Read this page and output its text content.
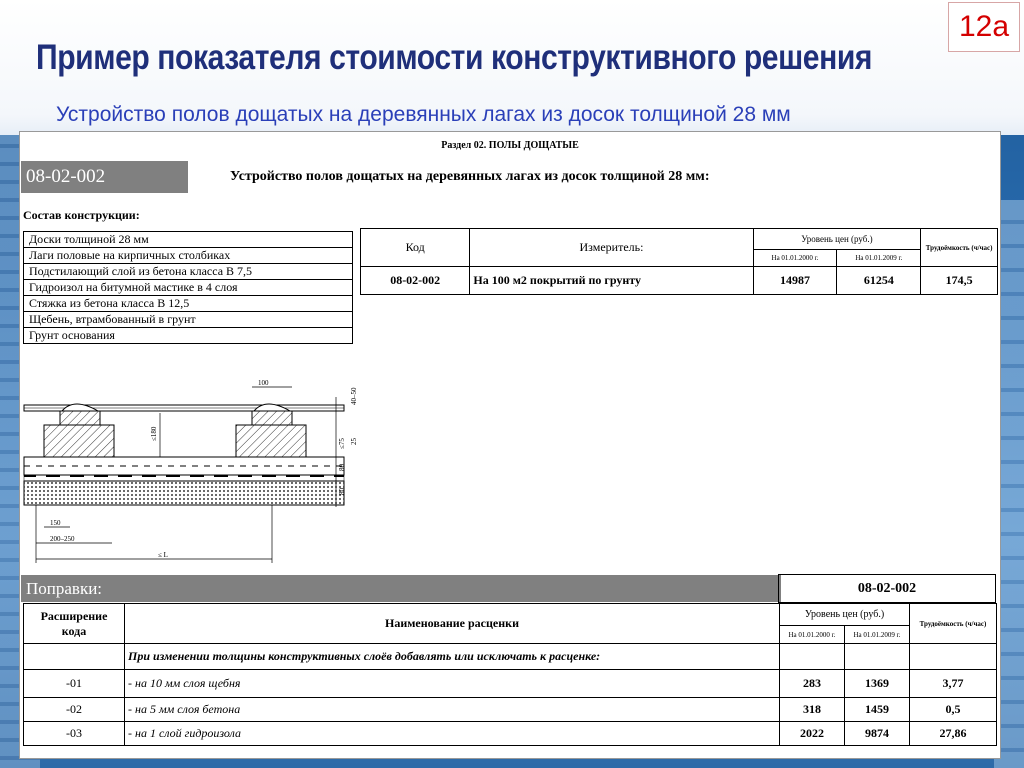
12a
Пример показателя стоимости конструктивного решения
Устройство полов дощатых на деревянных лагах из досок толщиной 28 мм
Раздел 02. ПОЛЫ ДОЩАТЫЕ
08-02-002	Устройство полов дощатых на деревянных лагах из досок толщиной 28 мм:
Состав конструкции:
Доски толщиной 28 мм
Лаги половые на кирпичных столбиках
Подстилающий слой из бетона класса В 7,5
Гидроизол на битумной мастике в 4 слоя
Стяжка из бетона класса В 12,5
Щебень, втрамбованный в грунт
Грунт основания
Код	Измеритель:	Уровень цен (руб.)		Трудоёмкость (ч/час)
		На 01.01.2000 г.	На 01.01.2009 г.	
08-02-002	На 100 м2 покрытий по грунту	14987	61254	174,5
100
40–50
25
≤75
80
80
≤180
150
200–250
≤ L
Поправки:	08-02-002
Расширение кода	Наименование расценки	Уровень цен (руб.)		Трудоёмкость (ч/час)
		На 01.01.2000 г.	На 01.01.2009 г.	
	При изменении толщины конструктивных слоёв добавлять или исключать к расценке:			
-01	- на 10 мм слоя щебня	283	1369	3,77
-02	- на 5 мм слоя бетона	318	1459	0,5
-03	- на 1 слой гидроизола	2022	9874	27,86
